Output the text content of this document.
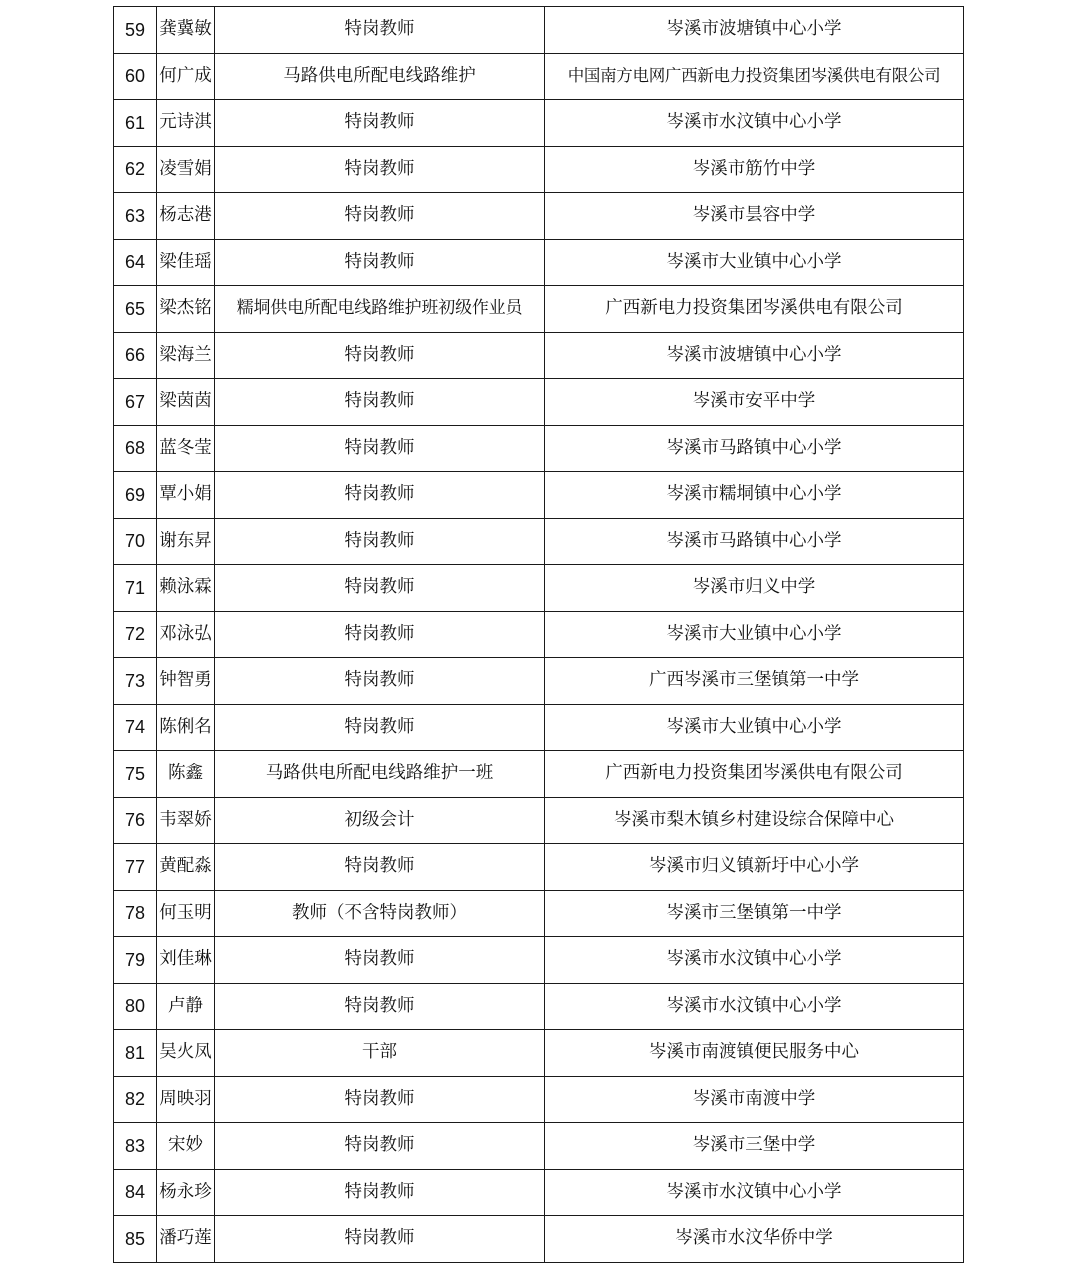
59	龚冀敏	特岗教师	岑溪市波塘镇中心小学
60	何广成	马路供电所配电线路维护	中国南方电网广西新电力投资集团岑溪供电有限公司
61	元诗淇	特岗教师	岑溪市水汶镇中心小学
62	凌雪娟	特岗教师	岑溪市筋竹中学
63	杨志港	特岗教师	岑溪市昙容中学
64	梁佳瑶	特岗教师	岑溪市大业镇中心小学
65	梁杰铭	糯垌供电所配电线路维护班初级作业员	广西新电力投资集团岑溪供电有限公司
66	梁海兰	特岗教师	岑溪市波塘镇中心小学
67	梁茵茵	特岗教师	岑溪市安平中学
68	蓝冬莹	特岗教师	岑溪市马路镇中心小学
69	覃小娟	特岗教师	岑溪市糯垌镇中心小学
70	谢东昇	特岗教师	岑溪市马路镇中心小学
71	赖泳霖	特岗教师	岑溪市归义中学
72	邓泳弘	特岗教师	岑溪市大业镇中心小学
73	钟智勇	特岗教师	广西岑溪市三堡镇第一中学
74	陈俐名	特岗教师	岑溪市大业镇中心小学
75	陈鑫	马路供电所配电线路维护一班	广西新电力投资集团岑溪供电有限公司
76	韦翠娇	初级会计	岑溪市梨木镇乡村建设综合保障中心
77	黄配淼	特岗教师	岑溪市归义镇新圩中心小学
78	何玉明	教师（不含特岗教师）	岑溪市三堡镇第一中学
79	刘佳琳	特岗教师	岑溪市水汶镇中心小学
80	卢静	特岗教师	岑溪市水汶镇中心小学
81	吴火凤	干部	岑溪市南渡镇便民服务中心
82	周映羽	特岗教师	岑溪市南渡中学
83	宋妙	特岗教师	岑溪市三堡中学
84	杨永珍	特岗教师	岑溪市水汶镇中心小学
85	潘巧莲	特岗教师	岑溪市水汶华侨中学
